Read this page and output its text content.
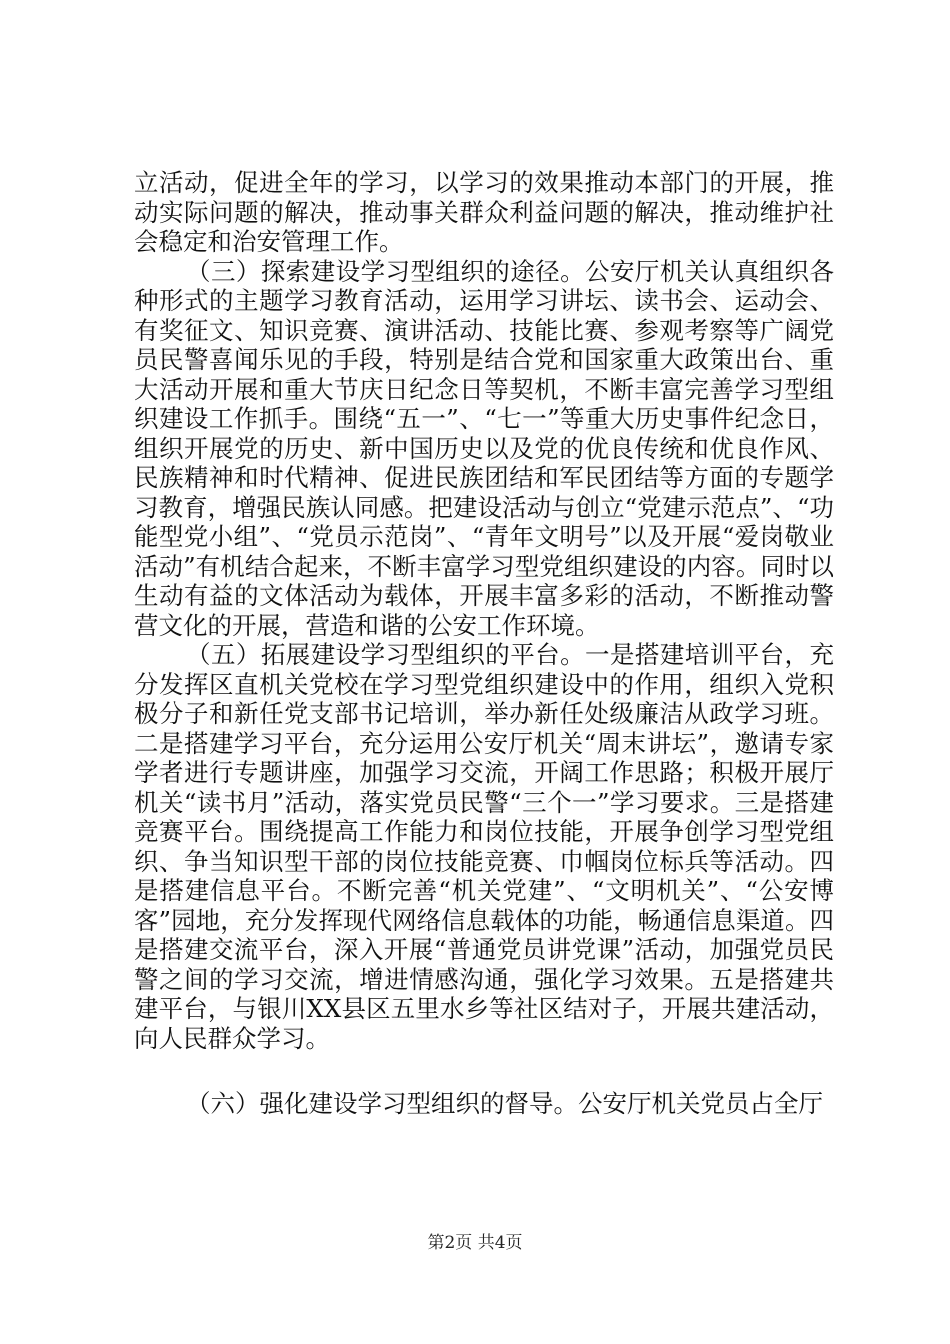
立活动，促进全年的学习，以学习的效果推动本部门的开展，推动实际问题的解决，推动事关群众利益问题的解决，推动维护社会稳定和治安管理工作。

（三）探索建设学习型组织的途径。公安厅机关认真组织各种形式的主题学习教育活动，运用学习讲坛、读书会、运动会、有奖征文、知识竞赛、演讲活动、技能比赛、参观考察等广阔党员民警喜闻乐见的手段，特别是结合党和国家重大政策出台、重大活动开展和重大节庆日纪念日等契机，不断丰富完善学习型组织建设工作抓手。围绕“五一”、“七一”等重大历史事件纪念日，组织开展党的历史、新中国历史以及党的优良传统和优良作风、民族精神和时代精神、促进民族团结和军民团结等方面的专题学习教育，增强民族认同感。把建设活动与创立“党建示范点”、“功能型党小组”、“党员示范岗”、“青年文明号”以及开展“爱岗敬业活动”有机结合起来，不断丰富学习型党组织建设的内容。同时以生动有益的文体活动为载体，开展丰富多彩的活动，不断推动警营文化的开展，营造和谐的公安工作环境。

（五）拓展建设学习型组织的平台。一是搭建培训平台，充分发挥区直机关党校在学习型党组织建设中的作用，组织入党积极分子和新任党支部书记培训，举办新任处级廉洁从政学习班。二是搭建学习平台，充分运用公安厅机关“周末讲坛”，邀请专家学者进行专题讲座，加强学习交流，开阔工作思路；积极开展厅机关“读书月”活动，落实党员民警“三个一”学习要求。三是搭建竞赛平台。围绕提高工作能力和岗位技能，开展争创学习型党组织、争当知识型干部的岗位技能竞赛、巾帼岗位标兵等活动。四是搭建信息平台。不断完善“机关党建”、“文明机关”、“公安博客”园地，充分发挥现代网络信息载体的功能，畅通信息渠道。四是搭建交流平台，深入开展“普通党员讲党课”活动，加强党员民警之间的学习交流，增进情感沟通，强化学习效果。五是搭建共建平台，与银川XX县区五里水乡等社区结对子，开展共建活动，向人民群众学习。

（六）强化建设学习型组织的督导。公安厅机关党员占全厅

第2页 共4页
